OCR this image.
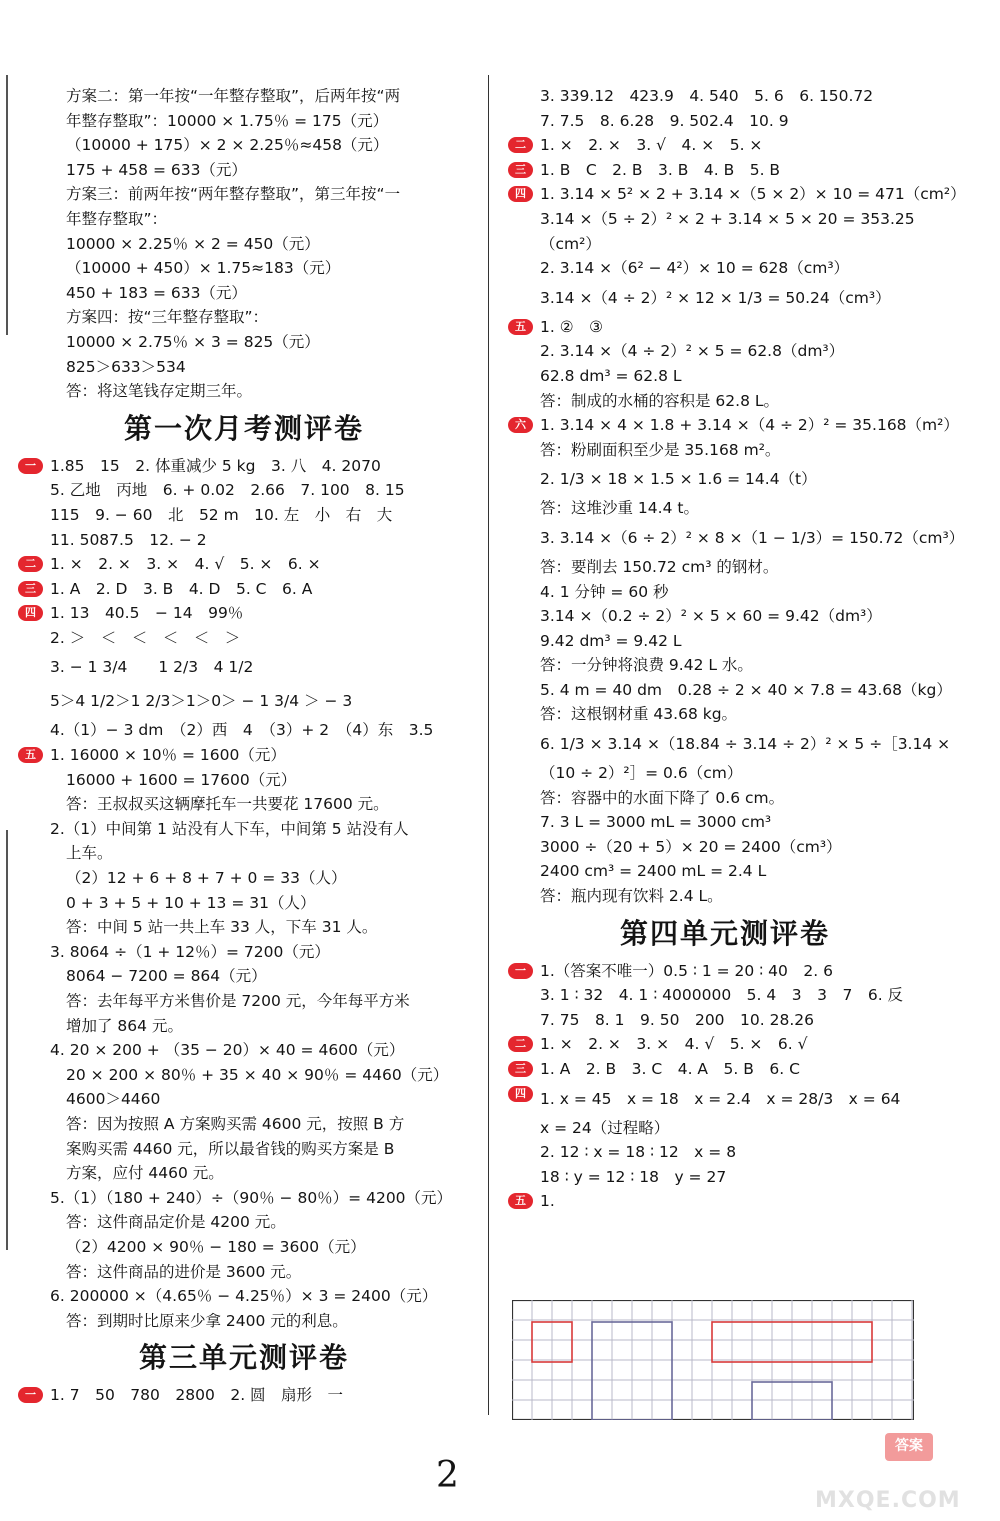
方案二：第一年按“一年整存整取”，后两年按“两
年整存整取”：10000 × 1.75％ = 175（元）
（10000 + 175）× 2 × 2.25％≈458（元）
175 + 458 = 633（元）
方案三：前两年按“两年整存整取”，第三年按“一
年整存整取”：
10000 × 2.25％ × 2 = 450（元）
（10000 + 450）× 1.75≈183（元）
450 + 183 = 633（元）
方案四：按“三年整存整取”：
10000 × 2.75％ × 3 = 825（元）
825＞633＞534
答：将这笔钱存定期三年。
第一次月考测评卷
一 1.85　15　2. 体重减少 5 kg　3. 八　4. 2070
5. 乙地　丙地　6. + 0.02　2.66　7. 100　8. 15
115　9. − 60　北　52 m　10. 左　小　右　大
11. 5087.5　12. − 2
二 1. ×　2. ×　3. ×　4. √　5. ×　6. ×
三 1. A　2. D　3. B　4. D　5. C　6. A
四 1. 13　40.5　− 14　99％
2. ＞　＜　＜　＜　＜　＞
3. − 1 3/4　　1 2/3　4 1/2
5＞4 1/2＞1 2/3＞1＞0＞ − 1 3/4 ＞ − 3
4.（1）− 3 dm　（2）西　4　（3）+ 2　（4）东　3.5
五 1. 16000 × 10％ = 1600（元）
16000 + 1600 = 17600（元）
答：王叔叔买这辆摩托车一共要花 17600 元。
2.（1）中间第 1 站没有人下车，中间第 5 站没有人
上车。
（2）12 + 6 + 8 + 7 + 0 = 33（人）
0 + 3 + 5 + 10 + 13 = 31（人）
答：中间 5 站一共上车 33 人，下车 31 人。
3. 8064 ÷（1 + 12％）= 7200（元）
8064 − 7200 = 864（元）
答：去年每平方米售价是 7200 元，今年每平方米
增加了 864 元。
4. 20 × 200 + （35 − 20）× 40 = 4600（元）
20 × 200 × 80％ + 35 × 40 × 90％ = 4460（元）
4600＞4460
答：因为按照 A 方案购买需 4600 元，按照 B 方
案购买需 4460 元，所以最省钱的购买方案是 B
方案，应付 4460 元。
5.（1）（180 + 240）÷（90％ − 80％）= 4200（元）
答：这件商品定价是 4200 元。
（2）4200 × 90％ − 180 = 3600（元）
答：这件商品的进价是 3600 元。
6. 200000 ×（4.65％ − 4.25％）× 3 = 2400（元）
答：到期时比原来少拿 2400 元的利息。
第三单元测评卷
一 1. 7　50　780　2800　2. 圆　扇形　一
3. 339.12　423.9　4. 540　5. 6　6. 150.72
7. 7.5　8. 6.28　9. 502.4　10. 9
二 1. ×　2. ×　3. √　4. ×　5. ×
三 1. B　C　2. B　3. B　4. B　5. B
四 1. 3.14 × 5² × 2 + 3.14 ×（5 × 2）× 10 = 471（cm²）
3.14 ×（5 ÷ 2）² × 2 + 3.14 × 5 × 20 = 353.25
（cm²）
2. 3.14 ×（6² − 4²）× 10 = 628（cm³）
3.14 ×（4 ÷ 2）² × 12 × 1/3 = 50.24（cm³）
五 1. ②　③
2. 3.14 ×（4 ÷ 2）² × 5 = 62.8（dm³）
62.8 dm³ = 62.8 L
答：制成的水桶的容积是 62.8 L。
六 1. 3.14 × 4 × 1.8 + 3.14 ×（4 ÷ 2）² = 35.168（m²）
答：粉刷面积至少是 35.168 m²。
2. 1/3 × 18 × 1.5 × 1.6 = 14.4（t）
答：这堆沙重 14.4 t。
3. 3.14 ×（6 ÷ 2）² × 8 ×（1 − 1/3）= 150.72（cm³）
答：要削去 150.72 cm³ 的钢材。
4. 1 分钟 = 60 秒
3.14 ×（0.2 ÷ 2）² × 5 × 60 = 9.42（dm³）
9.42 dm³ = 9.42 L
答：一分钟将浪费 9.42 L 水。
5. 4 m = 40 dm　0.28 ÷ 2 × 40 × 7.8 = 43.68（kg）
答：这根钢材重 43.68 kg。
6. 1/3 × 3.14 ×（18.84 ÷ 3.14 ÷ 2）² × 5 ÷［3.14 ×
（10 ÷ 2）²］= 0.6（cm）
答：容器中的水面下降了 0.6 cm。
7. 3 L = 3000 mL = 3000 cm³
3000 ÷（20 + 5）× 20 = 2400（cm³）
2400 cm³ = 2400 mL = 2.4 L
答：瓶内现有饮料 2.4 L。
第四单元测评卷
一 1.（答案不唯一）0.5 ∶ 1 = 20 ∶ 40　2. 6
3. 1 ∶ 32　4. 1 ∶ 4000000　5. 4　3　3　7　6. 反
7. 75　8. 1　9. 50　200　10. 28.26
二 1. ×　2. ×　3. ×　4. √　5. ×　6. √
三 1. A　2. B　3. C　4. A　5. B　6. C
四 1. x = 45　x = 18　x = 2.4　x = 28/3　x = 64
x = 24（过程略）
2. 12 ∶ x = 18 ∶ 12　x = 8
18 ∶ y = 12 ∶ 18　y = 27
五 1.
2
答案
MXQE.COM
